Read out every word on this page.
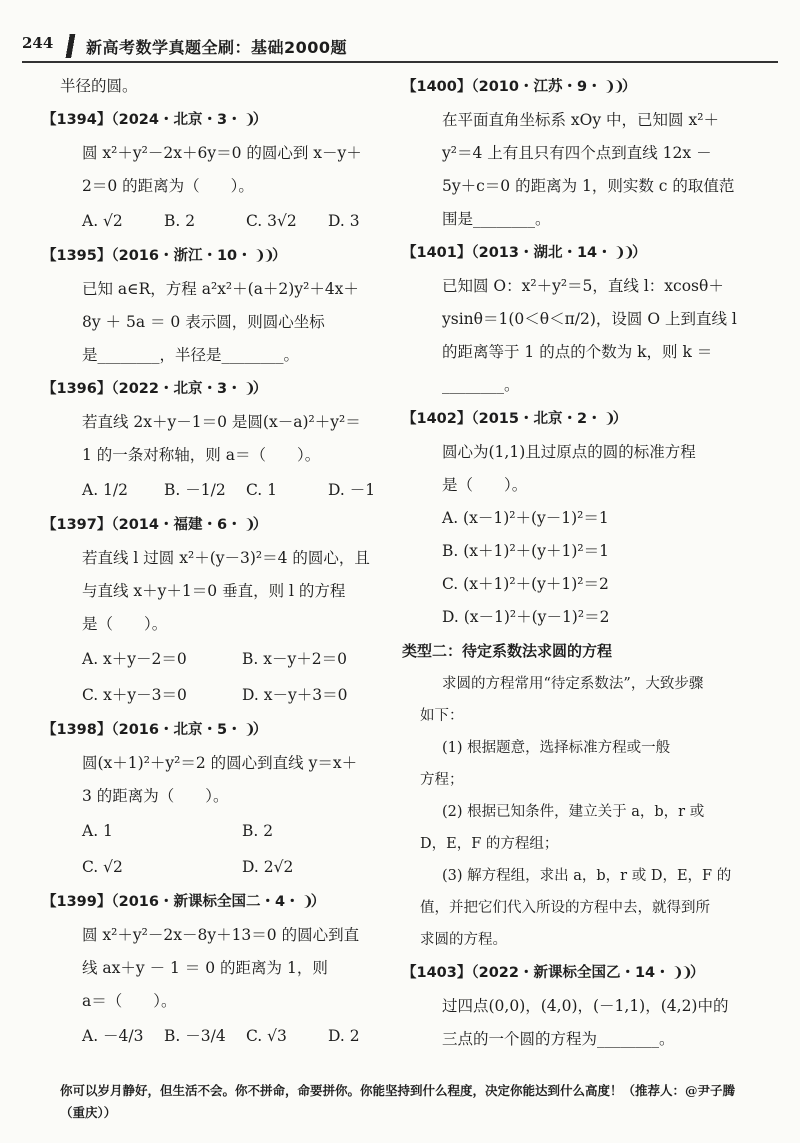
244 新高考数学真题全刷：基础2000题
半径的圆。
【1394】（2024・北京・3・ ❩）
圆 x²＋y²－2x＋6y＝0 的圆心到 x－y＋
2＝0 的距离为（　　）。
A. √2	B. 2	C. 3√2	D. 3
【1395】（2016・浙江・10・ ❩❩）
已知 a∈R，方程 a²x²＋(a＋2)y²＋4x＋
8y ＋ 5a ＝ 0 表示圆，则圆心坐标
是________，半径是________。
【1396】（2022・北京・3・ ❩）
若直线 2x＋y－1＝0 是圆(x－a)²＋y²＝
1 的一条对称轴，则 a＝（　　）。
A. 1/2	B. －1/2	C. 1	D. －1
【1397】（2014・福建・6・ ❩）
若直线 l 过圆 x²＋(y－3)²＝4 的圆心，且
与直线 x＋y＋1＝0 垂直，则 l 的方程
是（　　）。
A. x＋y－2＝0	B. x－y＋2＝0
C. x＋y－3＝0	D. x－y＋3＝0
【1398】（2016・北京・5・ ❩）
圆(x＋1)²＋y²＝2 的圆心到直线 y＝x＋
3 的距离为（　　）。
A. 1	B. 2
C. √2	D. 2√2
【1399】（2016・新课标全国二・4・ ❩）
圆 x²＋y²－2x－8y＋13＝0 的圆心到直
线 ax＋y － 1 ＝ 0 的距离为 1，则
a＝（　　）。
A. －4/3	B. －3/4	C. √3	D. 2
【1400】（2010・江苏・9・ ❩❩）
在平面直角坐标系 xOy 中，已知圆 x²＋
y²＝4 上有且只有四个点到直线 12x －
5y＋c＝0 的距离为 1，则实数 c 的取值范
围是________。
【1401】（2013・湖北・14・ ❩❩）
已知圆 O：x²＋y²＝5，直线 l：xcosθ＋
ysinθ＝1(0＜θ＜π/2)，设圆 O 上到直线 l
的距离等于 1 的点的个数为 k，则 k ＝
________。
【1402】（2015・北京・2・ ❩）
圆心为(1,1)且过原点的圆的标准方程
是（　　）。
A. (x－1)²＋(y－1)²＝1
B. (x＋1)²＋(y＋1)²＝1
C. (x＋1)²＋(y＋1)²＝2
D. (x－1)²＋(y－1)²＝2
类型二：待定系数法求圆的方程
求圆的方程常用“待定系数法”，大致步骤
如下：
(1) 根据题意，选择标准方程或一般
方程；
(2) 根据已知条件，建立关于 a，b，r 或
D，E，F 的方程组；
(3) 解方程组，求出 a，b，r 或 D，E，F 的
值，并把它们代入所设的方程中去，就得到所
求圆的方程。
【1403】（2022・新课标全国乙・14・ ❩❩）
过四点(0,0)，(4,0)，(－1,1)，(4,2)中的
三点的一个圆的方程为________。
你可以岁月静好，但生活不会。你不拼命，命要拼你。你能坚持到什么程度，决定你能达到什么高度！（推荐人：@尹子腾
（重庆））
